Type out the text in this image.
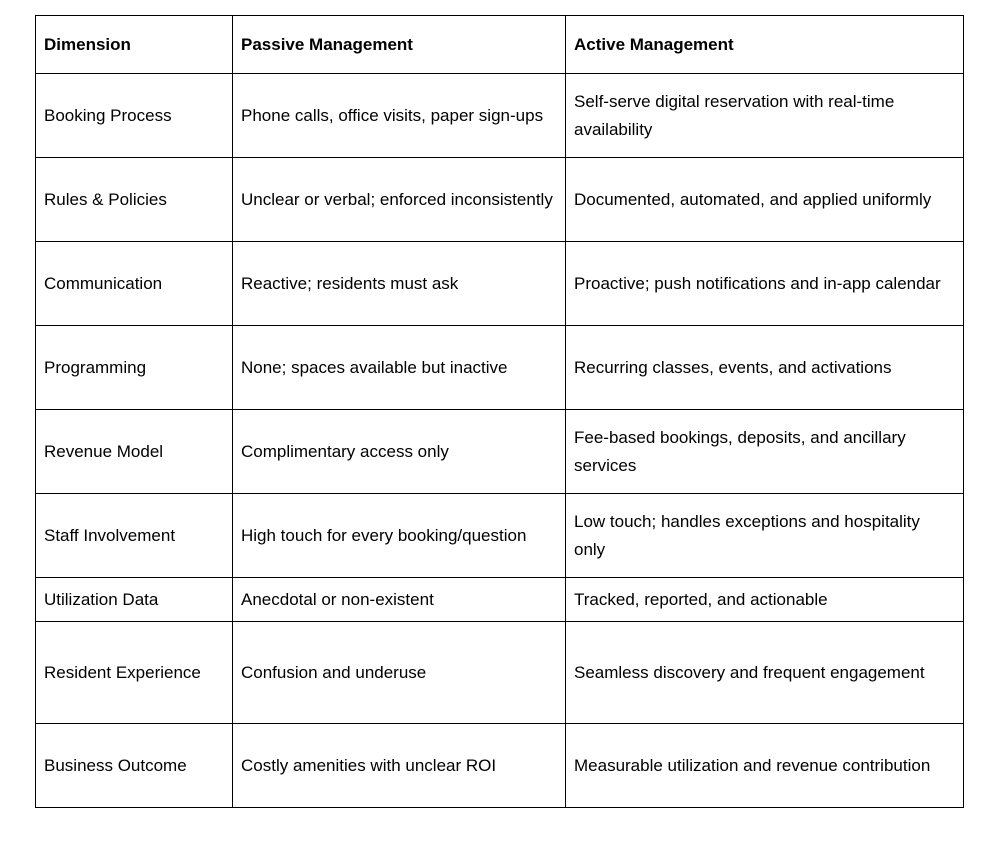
Dimension	Passive Management	Active Management
Booking Process	Phone calls, office visits, paper sign-ups	Self-serve digital reservation with real-time availability
Rules & Policies	Unclear or verbal; enforced inconsistently	Documented, automated, and applied uniformly
Communication	Reactive; residents must ask	Proactive; push notifications and in-app calendar
Programming	None; spaces available but inactive	Recurring classes, events, and activations
Revenue Model	Complimentary access only	Fee-based bookings, deposits, and ancillary services
Staff Involvement	High touch for every booking/question	Low touch; handles exceptions and hospitality only
Utilization Data	Anecdotal or non-existent	Tracked, reported, and actionable
Resident Experience	Confusion and underuse	Seamless discovery and frequent engagement
Business Outcome	Costly amenities with unclear ROI	Measurable utilization and revenue contribution
